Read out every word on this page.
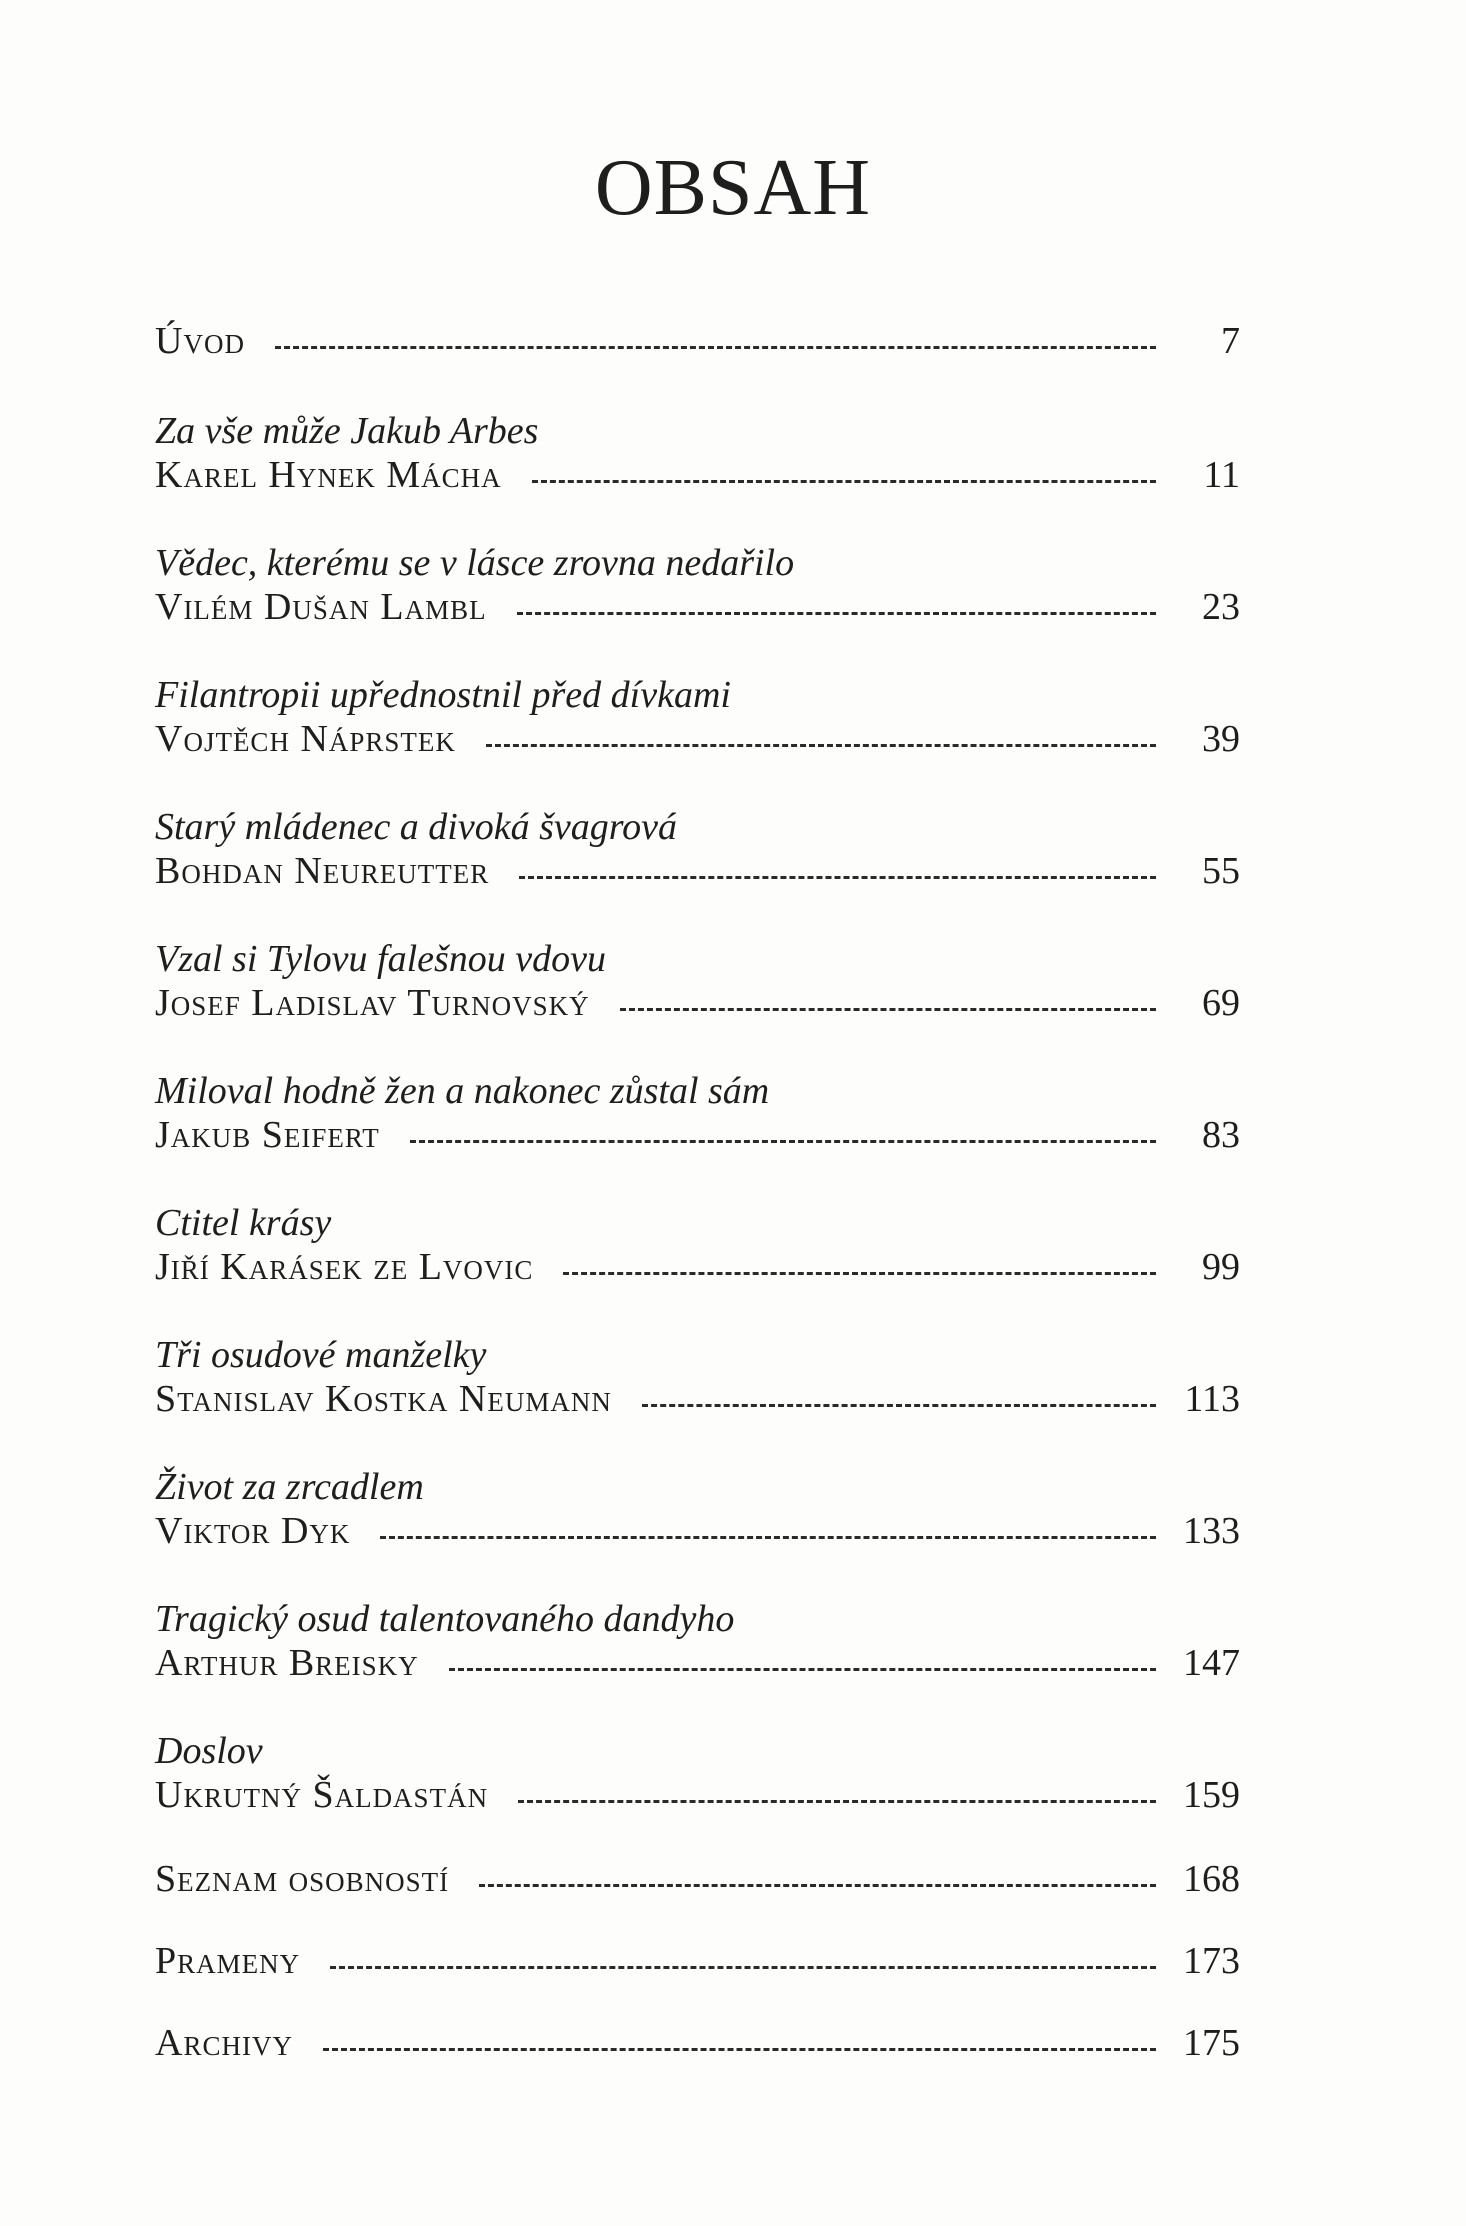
OBSAH
Úvod	7
Za vše může Jakub Arbes
Karel Hynek Mácha	11
Vědec, kterému se v lásce zrovna nedařilo
Vilém Dušan Lambl	23
Filantropii upřednostnil před dívkami
Vojtěch Náprstek	39
Starý mládenec a divoká švagrová
Bohdan Neureutter	55
Vzal si Tylovu falešnou vdovu
Josef Ladislav Turnovský	69
Miloval hodně žen a nakonec zůstal sám
Jakub Seifert	83
Ctitel krásy
Jiří Karásek ze Lvovic	99
Tři osudové manželky
Stanislav Kostka Neumann	113
Život za zrcadlem
Viktor Dyk	133
Tragický osud talentovaného dandyho
Arthur Breisky	147
Doslov
Ukrutný Šaldastán	159
Seznam osobností	168
Prameny	173
Archivy	175
